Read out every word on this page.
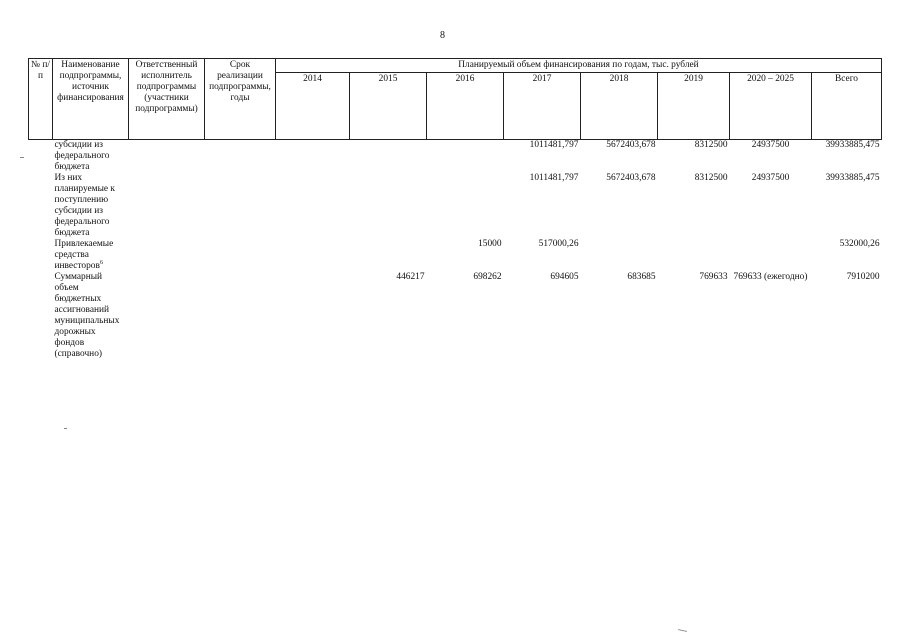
8
№ п/п	Наименование подпрограммы, источник финансирования	Ответственный исполнитель подпрограммы (участники подпрограммы)	Срок реализации подпрограммы, годы	Планируемый объем финансирования по годам, тыс. рублей							
				2014	2015	2016	2017	2018	2019	2020 – 2025	Всего
	субсидии из федерального бюджета						1011481,797	5672403,678	8312500	24937500	39933885,475
	Из них планируемые к поступлению субсидии из федерального бюджета						1011481,797	5672403,678	8312500	24937500	39933885,475
	Привлекаемые средства инвесторов$^6$					15000	517000,26				532000,26
	Суммарный объем бюджетных ассигнований муниципальных дорожных фондов (справочно)				446217	698262	694605	683685	769633	769633 (ежегодно)	7910200
